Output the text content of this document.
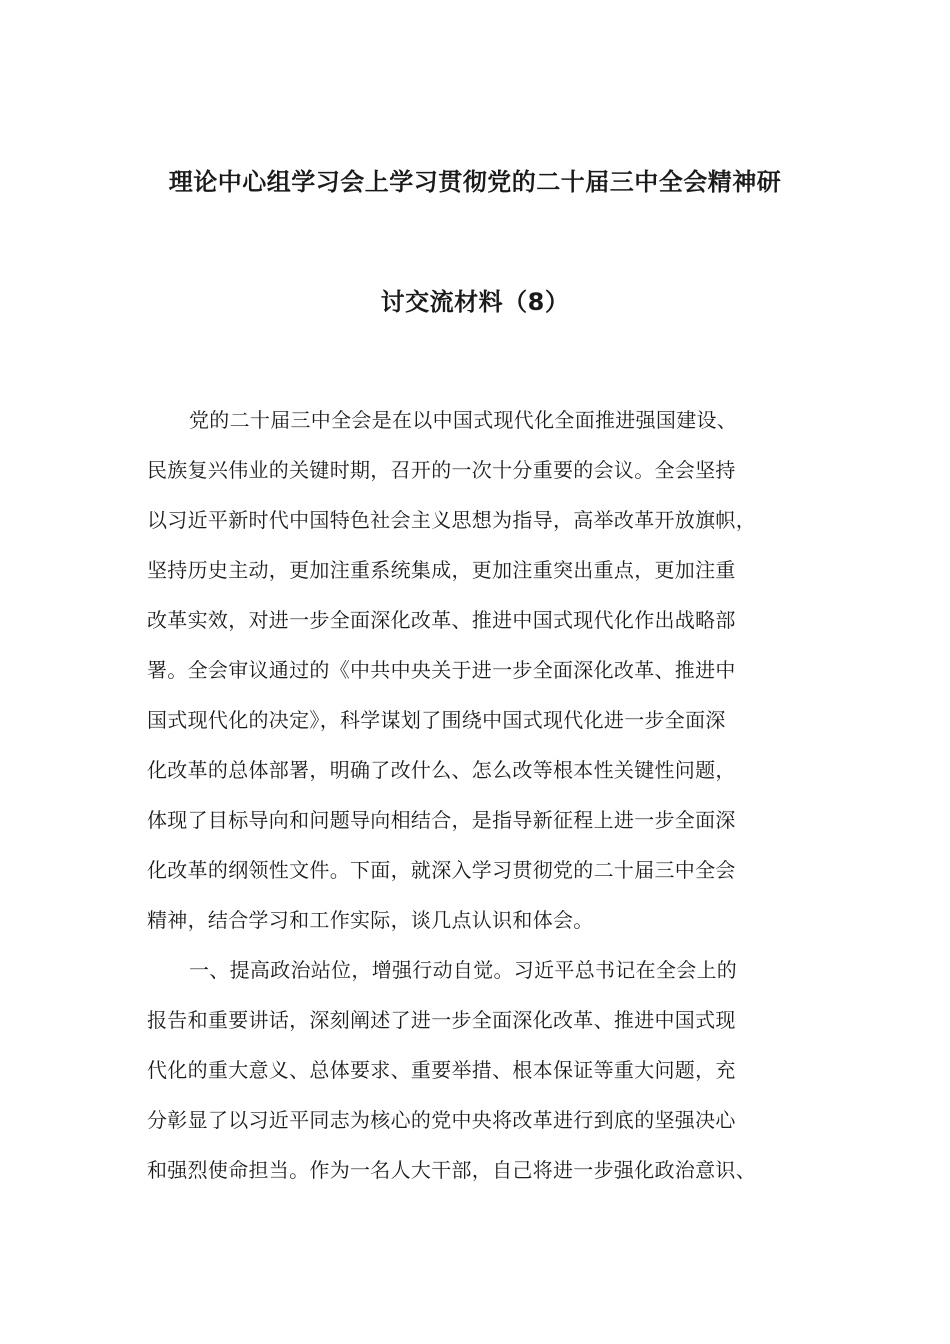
理论中心组学习会上学习贯彻党的二十届三中全会精神研
讨交流材料（8）
党的二十届三中全会是在以中国式现代化全面推进强国建设、
民族复兴伟业的关键时期，召开的一次十分重要的会议。全会坚持
以习近平新时代中国特色社会主义思想为指导，高举改革开放旗帜，
坚持历史主动，更加注重系统集成，更加注重突出重点，更加注重
改革实效，对进一步全面深化改革、推进中国式现代化作出战略部
署。全会审议通过的《中共中央关于进一步全面深化改革、推进中
国式现代化的决定》，科学谋划了围绕中国式现代化进一步全面深
化改革的总体部署，明确了改什么、怎么改等根本性关键性问题，
体现了目标导向和问题导向相结合，是指导新征程上进一步全面深
化改革的纲领性文件。下面，就深入学习贯彻党的二十届三中全会
精神，结合学习和工作实际，谈几点认识和体会。
一、提高政治站位，增强行动自觉。习近平总书记在全会上的
报告和重要讲话，深刻阐述了进一步全面深化改革、推进中国式现
代化的重大意义、总体要求、重要举措、根本保证等重大问题，充
分彰显了以习近平同志为核心的党中央将改革进行到底的坚强决心
和强烈使命担当。作为一名人大干部，自己将进一步强化政治意识、
